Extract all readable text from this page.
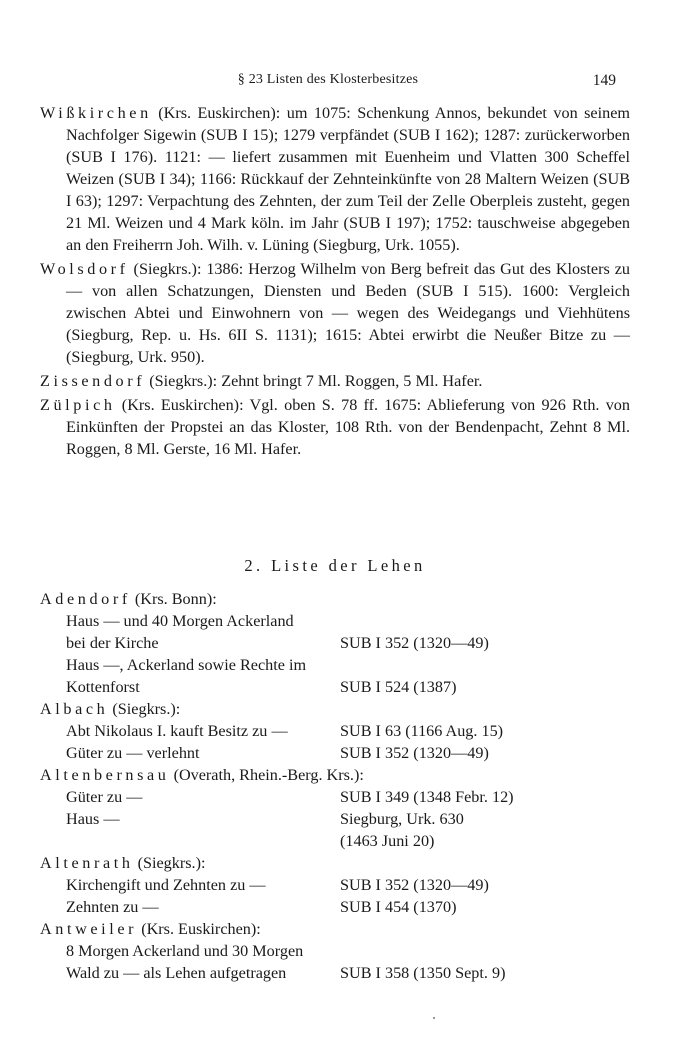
§ 23 Listen des Klosterbesitzes	149

Wißkirchen (Krs. Euskirchen): um 1075: Schenkung Annos, bekundet von seinem Nachfolger Sigewin (SUB I 15); 1279 verpfändet (SUB I 162); 1287: zurückerworben (SUB I 176). 1121: — liefert zusammen mit Euenheim und Vlatten 300 Scheffel Weizen (SUB I 34); 1166: Rückkauf der Zehnteinkünfte von 28 Maltern Weizen (SUB I 63); 1297: Verpachtung des Zehnten, der zum Teil der Zelle Oberpleis zusteht, gegen 21 Ml. Weizen und 4 Mark köln. im Jahr (SUB I 197); 1752: tauschweise abgegeben an den Freiherrn Joh. Wilh. v. Lüning (Siegburg, Urk. 1055).

Wolsdorf (Siegkrs.): 1386: Herzog Wilhelm von Berg befreit das Gut des Klosters zu — von allen Schatzungen, Diensten und Beden (SUB I 515). 1600: Vergleich zwischen Abtei und Einwohnern von — wegen des Weidegangs und Viehhütens (Siegburg, Rep. u. Hs. 6II S. 1131); 1615: Abtei erwirbt die Neußer Bitze zu — (Siegburg, Urk. 950).

Zissendorf (Siegkrs.): Zehnt bringt 7 Ml. Roggen, 5 Ml. Hafer.

Zülpich (Krs. Euskirchen): Vgl. oben S. 78 ff. 1675: Ablieferung von 926 Rth. von Einkünften der Propstei an das Kloster, 108 Rth. von der Bendenpacht, Zehnt 8 Ml. Roggen, 8 Ml. Gerste, 16 Ml. Hafer.

2. Liste der Lehen

Adendorf (Krs. Bonn):

Haus — und 40 Morgen Ackerland
bei der Kirche
	SUB I 352 (1320—49)
Haus —, Ackerland sowie Rechte im
Kottenforst
	SUB I 524 (1387)

Albach (Siegkrs.):

Abt Nikolaus I. kauft Besitz zu —	SUB I 63 (1166 Aug. 15)
Güter zu — verlehnt	SUB I 352 (1320—49)

Altenbernsau (Overath, Rhein.-Berg. Krs.):

Güter zu —	SUB I 349 (1348 Febr. 12)
Haus —	Siegburg, Urk. 630
(1463 Juni 20)

Altenrath (Siegkrs.):

Kirchengift und Zehnten zu —	SUB I 352 (1320—49)
Zehnten zu —	SUB I 454 (1370)

Antweiler (Krs. Euskirchen):

8 Morgen Ackerland und 30 Morgen
Wald zu — als Lehen aufgetragen
	SUB I 358 (1350 Sept. 9)
